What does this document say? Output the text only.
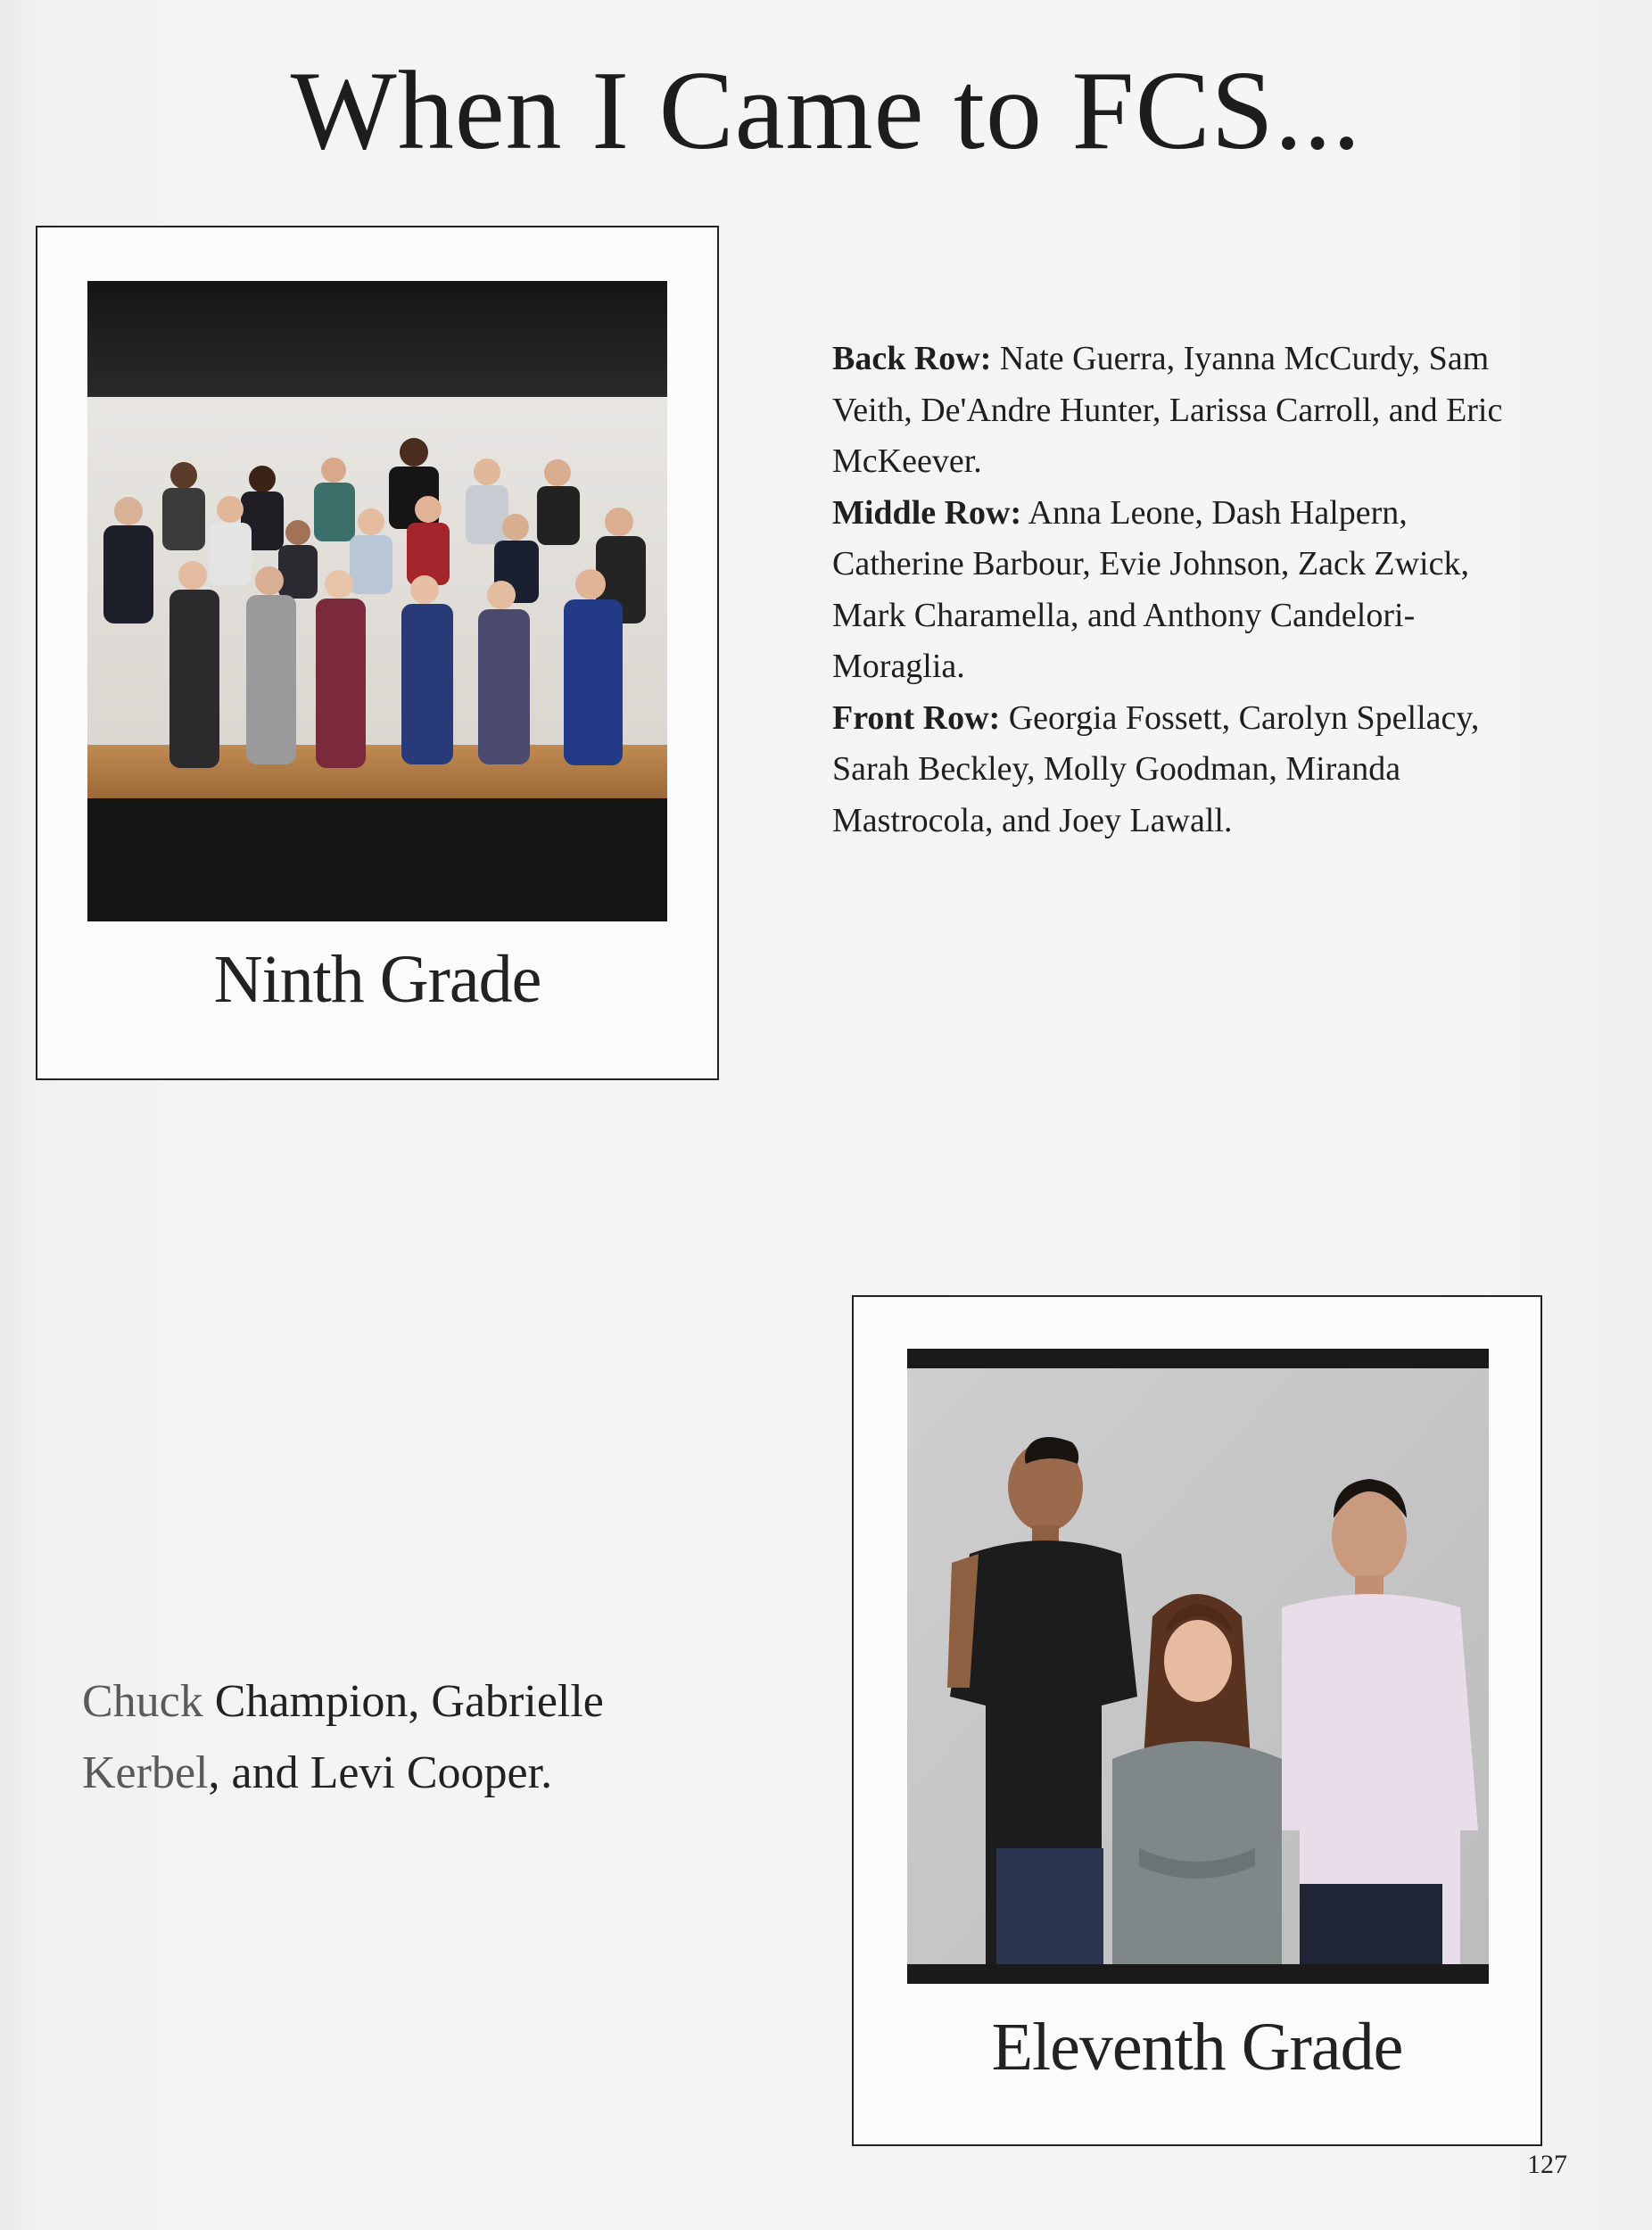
When I Came to FCS...
Ninth Grade
Back Row: Nate Guerra, Iyanna McCurdy, Sam Veith, De'Andre Hunter, Larissa Carroll, and Eric McKeever.
Middle Row: Anna Leone, Dash Halpern, Catherine Barbour, Evie Johnson, Zack Zwick, Mark Charamella, and Anthony Candelori-Moraglia.
Front Row: Georgia Fossett, Carolyn Spellacy, Sarah Beckley, Molly Goodman, Miranda Mastrocola, and Joey Lawall.
Chuck Champion, Gabrielle
Kerbel, and Levi Cooper.
Eleventh Grade
127
